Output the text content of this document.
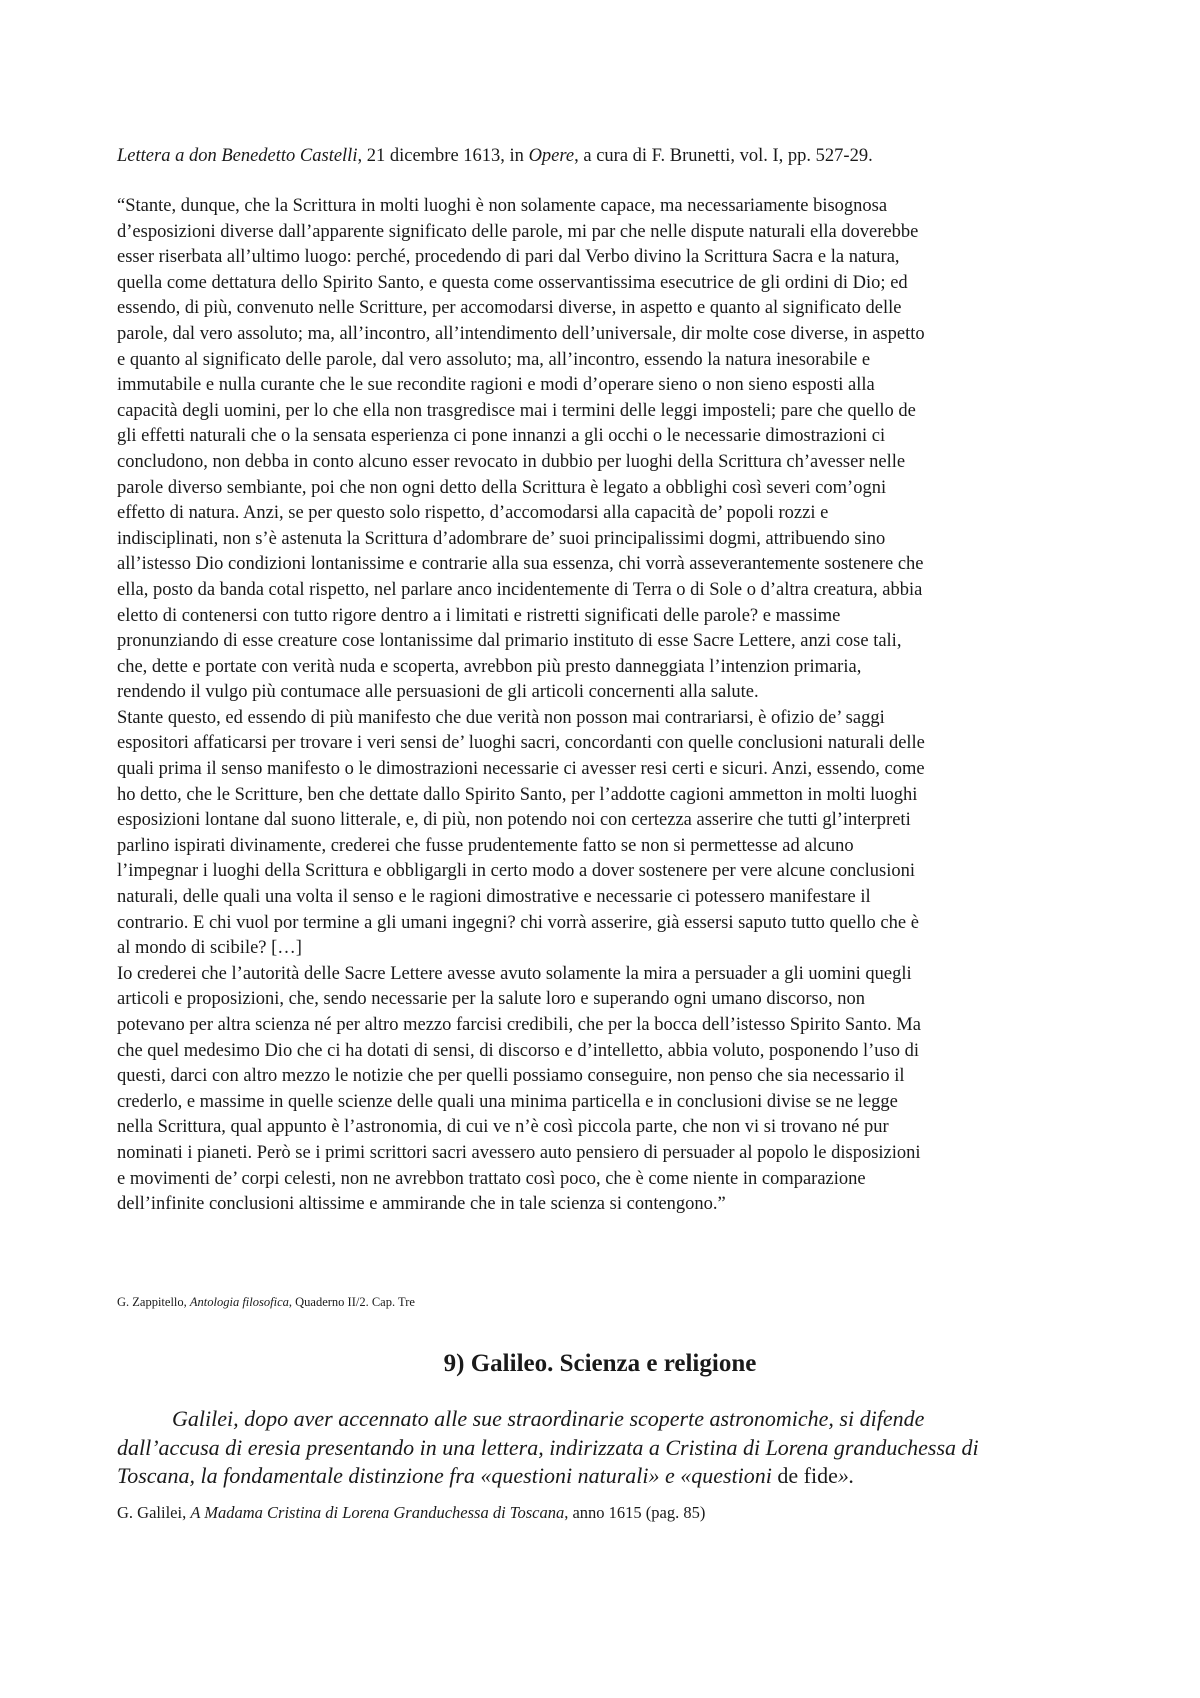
Lettera a don Benedetto Castelli, 21 dicembre 1613, in Opere, a cura di F. Brunetti, vol. I, pp. 527-29.
“Stante, dunque, che la Scrittura in molti luoghi è non solamente capace, ma necessariamente bisognosa
d’esposizioni diverse dall’apparente significato delle parole, mi par che nelle dispute naturali ella doverebbe
esser riserbata all’ultimo luogo: perché, procedendo di pari dal Verbo divino la Scrittura Sacra e la natura,
quella come dettatura dello Spirito Santo, e questa come osservantissima esecutrice de gli ordini di Dio; ed
essendo, di più, convenuto nelle Scritture, per accomodarsi diverse, in aspetto e quanto al significato delle
parole, dal vero assoluto; ma, all’incontro, all’intendimento dell’universale, dir molte cose diverse, in aspetto
e quanto al significato delle parole, dal vero assoluto; ma, all’incontro, essendo la natura inesorabile e
immutabile e nulla curante che le sue recondite ragioni e modi d’operare sieno o non sieno esposti alla
capacità degli uomini, per lo che ella non trasgredisce mai i termini delle leggi imposteli; pare che quello de
gli effetti naturali che o la sensata esperienza ci pone innanzi a gli occhi o le necessarie dimostrazioni ci
concludono, non debba in conto alcuno esser revocato in dubbio per luoghi della Scrittura ch’avesser nelle
parole diverso sembiante, poi che non ogni detto della Scrittura è legato a obblighi così severi com’ogni
effetto di natura. Anzi, se per questo solo rispetto, d’accomodarsi alla capacità de’ popoli rozzi e
indisciplinati, non s’è astenuta la Scrittura d’adombrare de’ suoi principalissimi dogmi, attribuendo sino
all’istesso Dio condizioni lontanissime e contrarie alla sua essenza, chi vorrà asseverantemente sostenere che
ella, posto da banda cotal rispetto, nel parlare anco incidentemente di Terra o di Sole o d’altra creatura, abbia
eletto di contenersi con tutto rigore dentro a i limitati e ristretti significati delle parole? e massime
pronunziando di esse creature cose lontanissime dal primario instituto di esse Sacre Lettere, anzi cose tali,
che, dette e portate con verità nuda e scoperta, avrebbon più presto danneggiata l’intenzion primaria,
rendendo il vulgo più contumace alle persuasioni de gli articoli concernenti alla salute.
Stante questo, ed essendo di più manifesto che due verità non posson mai contrariarsi, è ofizio de’ saggi
espositori affaticarsi per trovare i veri sensi de’ luoghi sacri, concordanti con quelle conclusioni naturali delle
quali prima il senso manifesto o le dimostrazioni necessarie ci avesser resi certi e sicuri. Anzi, essendo, come
ho detto, che le Scritture, ben che dettate dallo Spirito Santo, per l’addotte cagioni ammetton in molti luoghi
esposizioni lontane dal suono litterale, e, di più, non potendo noi con certezza asserire che tutti gl’interpreti
parlino ispirati divinamente, crederei che fusse prudentemente fatto se non si permettesse ad alcuno
l’impegnar i luoghi della Scrittura e obbligargli in certo modo a dover sostenere per vere alcune conclusioni
naturali, delle quali una volta il senso e le ragioni dimostrative e necessarie ci potessero manifestare il
contrario. E chi vuol por termine a gli umani ingegni? chi vorrà asserire, già essersi saputo tutto quello che è
al mondo di scibile? […]
Io crederei che l’autorità delle Sacre Lettere avesse avuto solamente la mira a persuader a gli uomini quegli
articoli e proposizioni, che, sendo necessarie per la salute loro e superando ogni umano discorso, non
potevano per altra scienza né per altro mezzo farcisi credibili, che per la bocca dell’istesso Spirito Santo. Ma
che quel medesimo Dio che ci ha dotati di sensi, di discorso e d’intelletto, abbia voluto, posponendo l’uso di
questi, darci con altro mezzo le notizie che per quelli possiamo conseguire, non penso che sia necessario il
crederlo, e massime in quelle scienze delle quali una minima particella e in conclusioni divise se ne legge
nella Scrittura, qual appunto è l’astronomia, di cui ve n’è così piccola parte, che non vi si trovano né pur
nominati i pianeti. Però se i primi scrittori sacri avessero auto pensiero di persuader al popolo le disposizioni
e movimenti de’ corpi celesti, non ne avrebbon trattato così poco, che è come niente in comparazione
dell’infinite conclusioni altissime e ammirande che in tale scienza si contengono.”
G. Zappitello, Antologia filosofica, Quaderno II/2. Cap. Tre
9) Galileo. Scienza e religione
Galilei, dopo aver accennato alle sue straordinarie scoperte astronomiche, si difende
dall’accusa di eresia presentando in una lettera, indirizzata a Cristina di Lorena granduchessa di
Toscana, la fondamentale distinzione fra «questioni naturali» e «questioni de fide».
G. Galilei, A Madama Cristina di Lorena Granduchessa di Toscana, anno 1615 (pag. 85)
